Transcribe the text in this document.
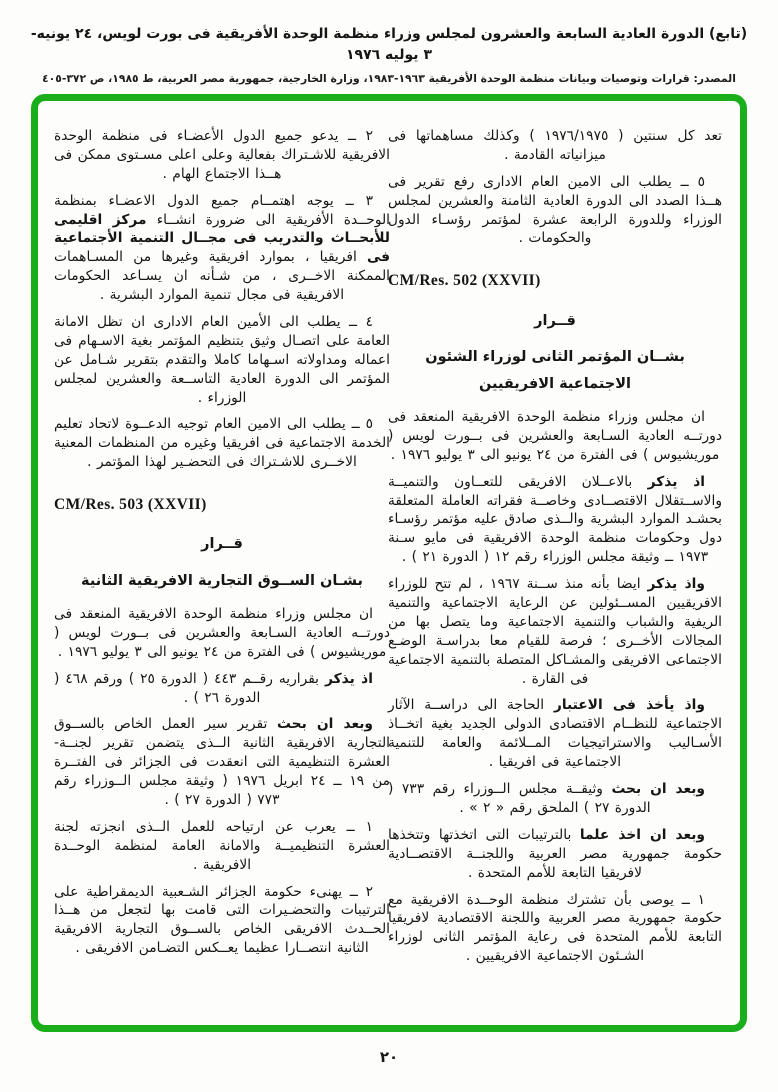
(تابع) الدورة العادية السابعة والعشرون لمجلس وزراء منظمة الوحدة الأفريقية فى بورت لويس، ٢٤ يونيه- ٣ يوليه ١٩٧٦
المصدر: قرارات وتوصيات وبيانات منظمة الوحدة الأفريقية ١٩٦٣-١٩٨٣، وزارة الخارجية، جمهورية مصر العربية، ط ١٩٨٥، ص ٣٧٢-٤٠٥

تعد كل سنتين ( ١٩٧٦/١٩٧٥ ) وكذلك مساهماتها فى ميزانياته القادمة .

٥ ــ يطلب الى الامين العام الادارى رفع تقرير فى هــذا الصدد الى الدورة العادية الثامنة والعشرين لمجلس الوزراء وللدورة الرابعة عشرة لمؤتمر رؤسـاء الدول والحكومات .

CM/Res. 502 (XXVII)
قــرار
بشــان المؤتمر الثانى لوزراء الشئون
الاجتماعية الافريقيين

ان مجلس وزراء منظمة الوحدة الافريقية المنعقد فى دورتــه العادية السـابعة والعشرين فى بــورت لويس ( موريشيوس ) فى الفترة من ٢٤ يونيو الى ٣ يوليو ١٩٧٦ .

اذ يذكر بالاعــلان الافريقى للتعــاون والتنميــة والاســتقلال الاقتصــادى وخاصــة فقراته العاملة المتعلقة بحشـد الموارد البشرية والــذى صادق عليه مؤتمر رؤسـاء دول وحكومات منظمة الوحدة الافريقية فى مايو سـنة ١٩٧٣ ــ وثيقة مجلس الوزراء رقم ١٢ ( الدورة ٢١ ) .

واذ يذكر ايضا بأنه منذ ســنة ١٩٦٧ ، لم تتح للوزراء الافريقيين المســئولين عن الرعاية الاجتماعية والتنمية الريفية والشباب والتنمية الاجتماعية وما يتصل بها من المجالات الأخــرى ؛ فرصة للقيام معا بدراسـة الوضـع الاجتماعى الافريقى والمشـاكل المتصلة بالتنمية الاجتماعية فى القارة .

واذ يأخذ فى الاعتبار الحاجة الى دراســة الآثار الاجتماعية للنظــام الاقتصادى الدولى الجديد بغية اتخــاذ الأسـاليب والاستراتيجيات المــلائمة والعامة للتنمية الاجتماعية فى افريقيا .

وبعد ان بحث وثيقــة مجلس الــوزراء رقم ٧٣٣ ( الدورة ٢٧ ) الملحق رقم « ٢ » .

وبعد ان اخذ علما بالترتيبات التى اتخذتها وتتخذها حكومة جمهورية مصر العربية واللجنــة الاقتصــادية لافريقيا التابعة للأمم المتحدة .

١ ــ يوصى بأن تشترك منظمة الوحــدة الافريقية مع حكومة جمهورية مصر العربية واللجنة الاقتصادية لافريقيا التابعة للأمم المتحدة فى رعاية المؤتمر الثانى لوزراء الشـئون الاجتماعية الافريقيين .

٢ ــ يدعو جميع الدول الأعضـاء فى منظمة الوحدة الافريقية للاشـتراك بفعالية وعلى اعلى مسـتوى ممكن فى هــذا الاجتماع الهام .

٣ ــ يوجه اهتمــام جميع الدول الاعضـاء بمنظمة الوحــدة الأفريقية الى ضرورة انشــاء مركز اقليمى للأبحــاث والتدريب فى مجــال التنمية الأجتماعية فى افريقيا ، بموارد افريقية وغيرها من المسـاهمات الممكنة الاخــرى ، من شـأنه ان يسـاعد الحكومات الافريقية فى مجال تنمية الموارد البشرية .

٤ ــ يطلب الى الأمين العام الادارى ان تظل الامانة العامة على اتصـال وثيق بتنظيم المؤتمر بغية الاسـهام فى اعماله ومداولاته اسـهاما كاملا والتقدم بتقرير شـامل عن المؤتمر الى الدورة العادية التاســعة والعشرين لمجلس الوزراء .

٥ ــ يطلب الى الامين العام توجيه الدعــوة لاتحاد تعليم الخدمة الاجتماعية فى افريقيا وغيره من المنظمات المعنية الاخــرى للاشـتراك فى التحضـير لهذا المؤتمر .

CM/Res. 503 (XXVII)
قــرار
بشـان الســوق التجارية الافريقية الثانية

ان مجلس وزراء منظمة الوحدة الافريقية المنعقد فى دورتــه العادية السـابعة والعشرين فى بــورت لويس ( موريشيوس ) فى الفترة من ٢٤ يونيو الى ٣ يوليو ١٩٧٦ .

اذ يذكر بقراريه رقــم ٤٤٣ ( الدورة ٢٥ ) ورقم ٤٦٨ ( الدورة ٢٦ ) .

وبعد ان بحث تقرير سير العمل الخاص بالســوق التجارية الافريقية الثانية الــذى يتضمن تقرير لجنــة- العشرة التنظيمية التى انعقدت فى الجزائر فى الفتــرة من ١٩ ــ ٢٤ ابريل ١٩٧٦ ( وثيقة مجلس الــوزراء رقم ٧٧٣ ( الدورة ٢٧ ) .

١ ــ يعرب عن ارتياحه للعمل الــذى انجزته لجنة العشرة التنظيميــة والامانة العامة لمنظمة الوحــدة الافريقية .

٢ ــ يهنىء حكومة الجزائر الشـعبية الديمقراطية على الترتيبات والتحضـيرات التى قامت بها لتجعل من هــذا الحــدث الافريقى الخاص بالســوق التجارية الافريقية الثانية انتصــارا عظيما يعــكس التضـامن الافريقى .

٢٠
